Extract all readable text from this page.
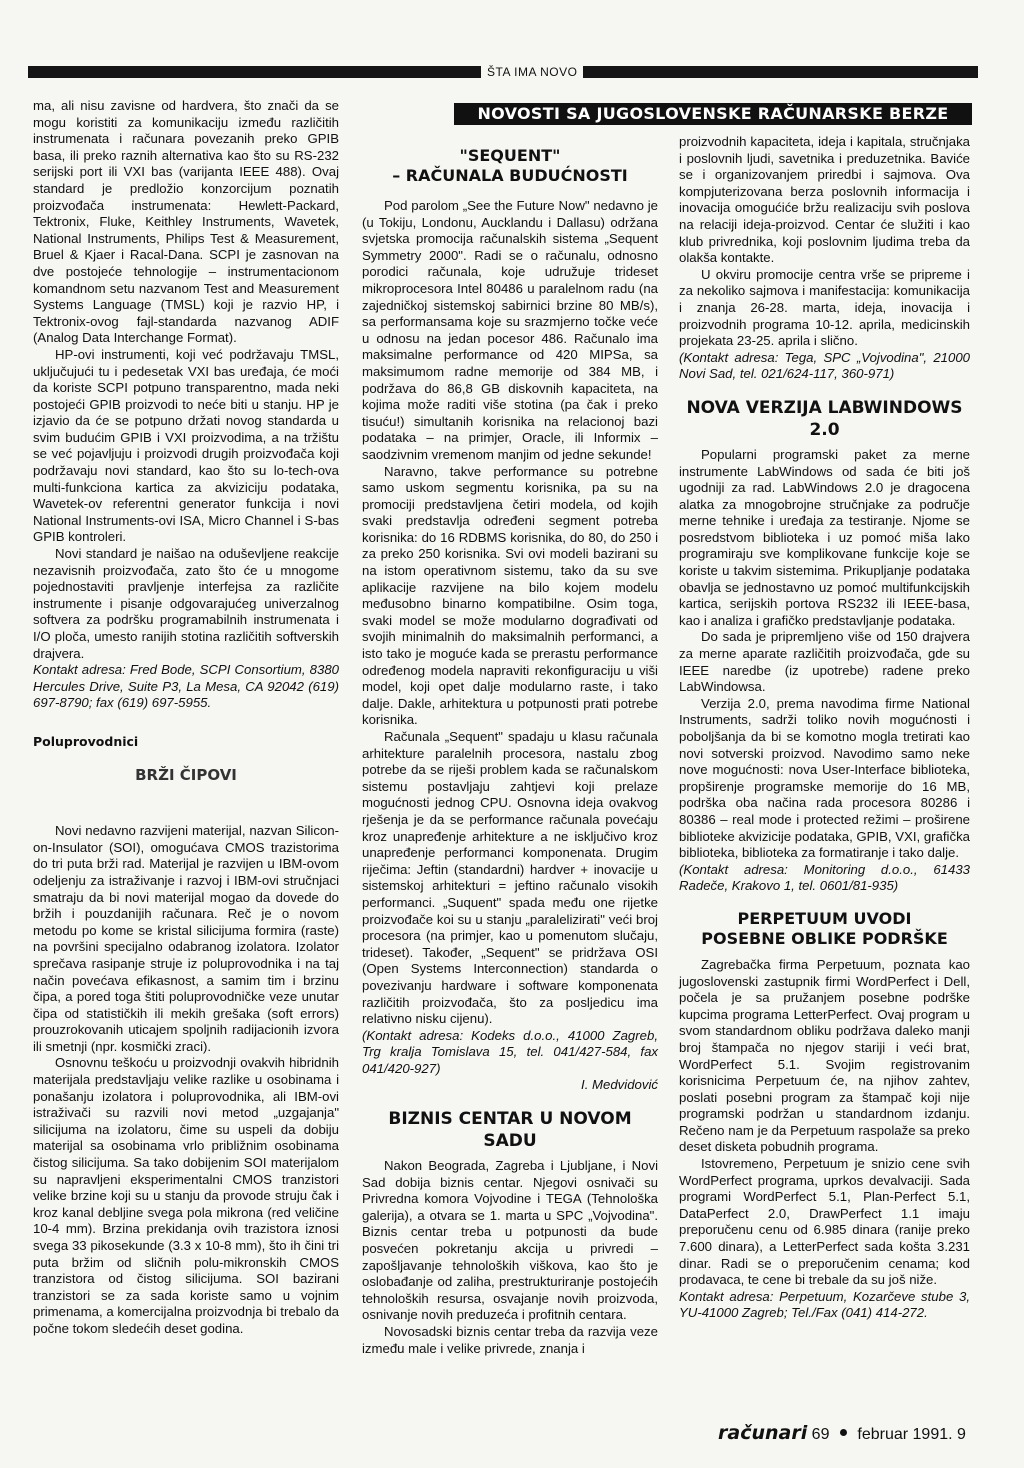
ŠTA IMA NOVO
NOVOSTI SA JUGOSLOVENSKE RAČUNARSKE BERZE

ma, ali nisu zavisne od hardvera, što znači da se mogu koristiti za komunikaciju između različitih instrumenata i računara povezanih preko GPIB basa, ili preko raznih alternativa kao što su RS-232 serijski port ili VXI bas (varijanta IEEE 488). Ovaj standard je predložio konzorcijum poznatih proizvođača instrumenata: Hewlett-Packard, Tektronix, Fluke, Keithley Instruments, Wavetek, National Instruments, Philips Test & Measurement, Bruel & Kjaer i Racal-Dana. SCPI je zasnovan na dve postojeće tehnologije – instrumentacionom komandnom setu nazvanom Test and Measurement Systems Language (TMSL) koji je razvio HP, i Tektronix-ovog fajl-standarda nazvanog ADIF (Analog Data Interchange Format).

HP-ovi instrumenti, koji već podržavaju TMSL, uključujući tu i pedesetak VXI bas uređaja, će moći da koriste SCPI potpuno transparentno, mada neki postojeći GPIB proizvodi to neće biti u stanju. HP je izjavio da će se potpuno držati novog standarda u svim budućim GPIB i VXI proizvodima, a na tržištu se već pojavljuju i proizvodi drugih proizvođača koji podržavaju novi standard, kao što su lo-tech-ova multi-funkciona kartica za akviziciju podataka, Wavetek-ov referentni generator funkcija i novi National Instruments-ovi ISA, Micro Channel i S-bas GPIB kontroleri.

Novi standard je naišao na oduševljene reakcije nezavisnih proizvođača, zato što će u mnogome pojednostaviti pravljenje interfejsa za različite instrumente i pisanje odgovarajućeg univerzalnog softvera za podršku programabilnih instrumenata i I/O ploča, umesto ranijih stotina različitih softverskih drajvera.

Kontakt adresa: Fred Bode, SCPI Consortium, 8380 Hercules Drive, Suite P3, La Mesa, CA 92042 (619) 697-8790; fax (619) 697-5955.

Poluprovodnici
BRŽI ČIPOVI

Novi nedavno razvijeni materijal, nazvan Silicon-on-Insulator (SOI), omogućava CMOS trazistorima do tri puta brži rad. Materijal je razvijen u IBM-ovom odeljenju za istraživanje i razvoj i IBM-ovi stručnjaci smatraju da bi novi materijal mogao da dovede do bržih i pouzdanijih računara. Reč je o novom metodu po kome se kristal silicijuma formira (raste) na površini specijalno odabranog izolatora. Izolator sprečava rasipanje struje iz poluprovodnika i na taj način povećava efikasnost, a samim tim i brzinu čipa, a pored toga štiti poluprovodničke veze unutar čipa od statističkih ili mekih grešaka (soft errors) prouzrokovanih uticajem spoljnih radijacionih izvora ili smetnji (npr. kosmički zraci).

Osnovnu teškoću u proizvodnji ovakvih hibridnih materijala predstavljaju velike razlike u osobinama i ponašanju izolatora i poluprovodnika, ali IBM-ovi istraživači su razvili novi metod „uzgajanja" silicijuma na izolatoru, čime su uspeli da dobiju materijal sa osobinama vrlo približnim osobinama čistog silicijuma. Sa tako dobijenim SOI materijalom su napravljeni eksperimentalni CMOS tranzistori velike brzine koji su u stanju da provode struju čak i kroz kanal debljine svega pola mikrona (red veličine 10-4 mm). Brzina prekidanja ovih trazistora iznosi svega 33 pikosekunde (3.3 x 10-8 mm), što ih čini tri puta bržim od sličnih polu-mikronskih CMOS tranzistora od čistog silicijuma. SOI bazirani tranzistori se za sada koriste samo u vojnim primenama, a komercijalna proizvodnja bi trebalo da počne tokom sledećih deset godina.

"SEQUENT"
– RAČUNALA BUDUĆNOSTI

Pod parolom „See the Future Now" nedavno je (u Tokiju, Londonu, Aucklandu i Dallasu) održana svjetska promocija računalskih sistema „Sequent Symmetry 2000". Radi se o računalu, odnosno porodici računala, koje udružuje trideset mikroprocesora Intel 80486 u paralelnom radu (na zajedničkoj sistemskoj sabirnici brzine 80 MB/s), sa performansama koje su srazmjerno točke veće u odnosu na jedan pocesor 486. Računalo ima maksimalne performance od 420 MIPSa, sa maksimumom radne memorije od 384 MB, i podržava do 86,8 GB diskovnih kapaciteta, na kojima može raditi više stotina (pa čak i preko tisuću!) simultanih korisnika na relacionoj bazi podataka – na primjer, Oracle, ili Informix – saodzivnim vremenom manjim od jedne sekunde!

Naravno, takve performance su potrebne samo uskom segmentu korisnika, pa su na promociji predstavljena četiri modela, od kojih svaki predstavlja određeni segment potreba korisnika: do 16 RDBMS korisnika, do 80, do 250 i za preko 250 korisnika. Svi ovi modeli bazirani su na istom operativnom sistemu, tako da su sve aplikacije razvijene na bilo kojem modelu međusobno binarno kompatibilne. Osim toga, svaki model se može modularno dograđivati od svojih minimalnih do maksimalnih performanci, a isto tako je moguće kada se prerastu performance određenog modela napraviti rekonfiguraciju u viši model, koji opet dalje modularno raste, i tako dalje. Dakle, arhitektura u potpunosti prati potrebe korisnika.

Računala „Sequent" spadaju u klasu računala arhitekture paralelnih procesora, nastalu zbog potrebe da se riješi problem kada se računalskom sistemu postavljaju zahtjevi koji prelaze mogućnosti jednog CPU. Osnovna ideja ovakvog rješenja je da se performance računala povećaju kroz unapređenje arhitekture a ne isključivo kroz unapređenje performanci komponenata. Drugim riječima: Jeftin (standardni) hardver + inovacije u sistemskoj arhitekturi = jeftino računalo visokih performanci. „Suquent" spada među one rijetke proizvođače koi su u stanju „paralelizirati" veći broj procesora (na primjer, kao u pomenutom slučaju, trideset). Također, „Sequent" se pridržava OSI (Open Systems Interconnection) standarda o povezivanju hardware i software komponenata različitih proizvođača, što za posljedicu ima relativno nisku cijenu).

(Kontakt adresa: Kodeks d.o.o., 41000 Zagreb, Trg kralja Tomislava 15, tel. 041/427-584, fax 041/420-927)

I. Medvidović

BIZNIS CENTAR U NOVOM SADU

Nakon Beograda, Zagreba i Ljubljane, i Novi Sad dobija biznis centar. Njegovi osnivači su Privredna komora Vojvodine i TEGA (Tehnološka galerija), a otvara se 1. marta u SPC „Vojvodina". Biznis centar treba u potpunosti da bude posvećen pokretanju akcija u privredi – zapošljavanje tehnoloških viškova, kao što je oslobađanje od zaliha, prestrukturiranje postojećih tehnoloških resursa, osvajanje novih proizvoda, osnivanje novih preduzeća i profitnih centara.

Novosadski biznis centar treba da razvija veze između male i velike privrede, znanja i

proizvodnih kapaciteta, ideja i kapitala, stručnjaka i poslovnih ljudi, savetnika i preduzetnika. Baviće se i organizovanjem priredbi i sajmova. Ova kompjuterizovana berza poslovnih informacija i inovacija omogućiće bržu realizaciju svih poslova na relaciji ideja-proizvod. Centar će služiti i kao klub privrednika, koji poslovnim ljudima treba da olakša kontakte.

U okviru promocije centra vrše se pripreme i za nekoliko sajmova i manifestacija: komunikacija i znanja 26-28. marta, ideja, inovacija i proizvodnih programa 10-12. aprila, medicinskih projekata 23-25. aprila i slično.

(Kontakt adresa: Tega, SPC „Vojvodina", 21000 Novi Sad, tel. 021/624-117, 360-971)

NOVA VERZIJA LABWINDOWS 2.0

Popularni programski paket za merne instrumente LabWindows od sada će biti još ugodniji za rad. LabWindows 2.0 je dragocena alatka za mnogobrojne stručnjake za područje merne tehnike i uređaja za testiranje. Njome se posredstvom biblioteka i uz pomoć miša lako programiraju sve komplikovane funkcije koje se koriste u takvim sistemima. Prikupljanje podataka obavlja se jednostavno uz pomoć multifunkcijskih kartica, serijskih portova RS232 ili IEEE-basa, kao i analiza i grafičko predstavljanje podataka.

Do sada je pripremljeno više od 150 drajvera za merne aparate različitih proizvođača, gde su IEEE naredbe (iz upotrebe) radene preko LabWindowsa.

Verzija 2.0, prema navodima firme National Instruments, sadrži toliko novih mogućnosti i poboljšanja da bi se komotno mogla tretirati kao novi sotverski proizvod. Navodimo samo neke nove mogućnosti: nova User-Interface biblioteka, propširenje programske memorije do 16 MB, podrška oba načina rada procesora 80286 i 80386 – real mode i protected režimi – proširene biblioteke akvizicije podataka, GPIB, VXI, grafička biblioteka, biblioteka za formatiranje i tako dalje.

(Kontakt adresa: Monitoring d.o.o., 61433 Radeče, Krakovo 1, tel. 0601/81-935)

PERPETUUM UVODI
POSEBNE OBLIKE PODRŠKE

Zagrebačka firma Perpetuum, poznata kao jugoslovenski zastupnik firmi WordPerfect i Dell, počela je sa pružanjem posebne podrške kupcima programa LetterPerfect. Ovaj program u svom standardnom obliku podržava daleko manji broj štampača no njegov stariji i veći brat, WordPerfect 5.1. Svojim registrovanim korisnicima Perpetuum će, na njihov zahtev, poslati posebni program za štampač koji nije programski podržan u standardnom izdanju. Rečeno nam je da Perpetuum raspolaže sa preko deset disketa pobudnih programa.

Istovremeno, Perpetuum je snizio cene svih WordPerfect programa, uprkos devalvaciji. Sada programi WordPerfect 5.1, Plan-Perfect 5.1, DataPerfect 2.0, DrawPerfect 1.1 imaju preporučenu cenu od 6.985 dinara (ranije preko 7.600 dinara), a LetterPerfect sada košta 3.231 dinar. Radi se o preporučenim cenama; kod prodavaca, te cene bi trebale da su još niže.

Kontakt adresa: Perpetuum, Kozarčeve stube 3, YU-41000 Zagreb; Tel./Fax (041) 414-272.

računari 69 februar 1991. 9
